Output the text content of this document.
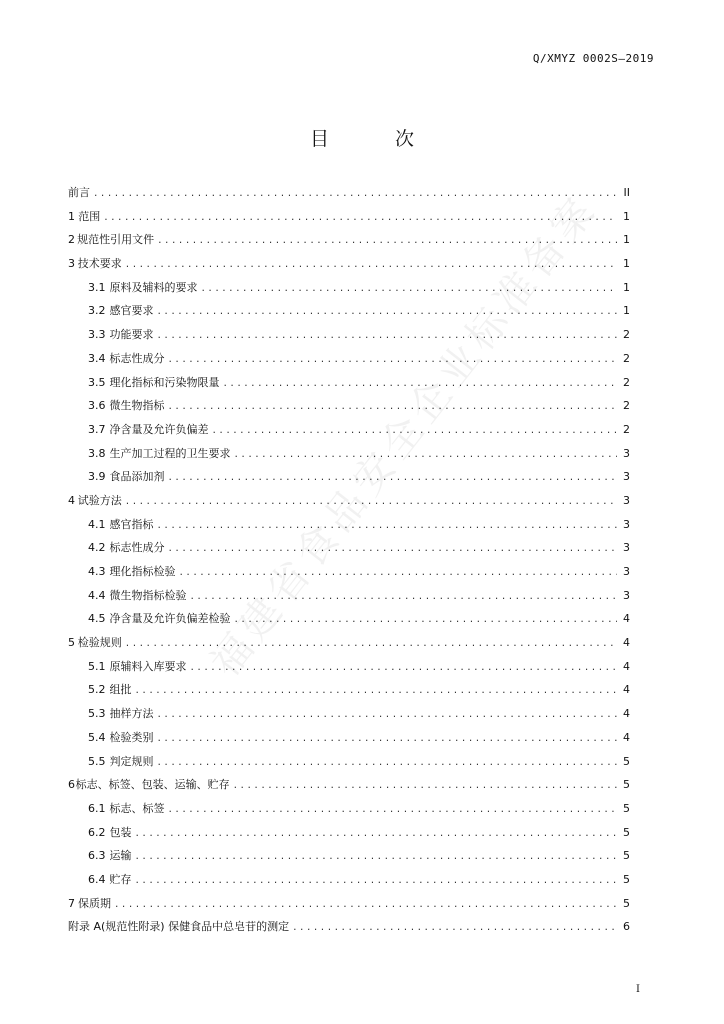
福建省食品安全企业标准备案
Q/XMYZ 0002S—2019
目 次
前言 .....	II
1 范围 .....	1
2 规范性引用文件 .....	1
3 技术要求 .....	1
3.1 原料及辅料的要求 .....	1
3.2 感官要求 .....	1
3.3 功能要求 .....	2
3.4 标志性成分 .....	2
3.5 理化指标和污染物限量 .....	2
3.6 微生物指标 .....	2
3.7 净含量及允许负偏差 .....	2
3.8 生产加工过程的卫生要求 .....	3
3.9 食品添加剂 .....	3
4 试验方法 .....	3
4.1 感官指标 .....	3
4.2 标志性成分 .....	3
4.3 理化指标检验 .....	3
4.4 微生物指标检验 .....	3
4.5 净含量及允许负偏差检验 .....	4
5 检验规则 .....	4
5.1 原辅料入库要求 .....	4
5.2 组批 .....	4
5.3 抽样方法 .....	4
5.4 检验类别 .....	4
5.5 判定规则 .....	5
6 标志、标签、包装、运输、贮存 .....	5
6.1 标志、标签 .....	5
6.2 包装 .....	5
6.3 运输 .....	5
6.4 贮存 .....	5
7 保质期 .....	5
附录 A(规范性附录) 保健食品中总皂苷的测定 .....	6
I
